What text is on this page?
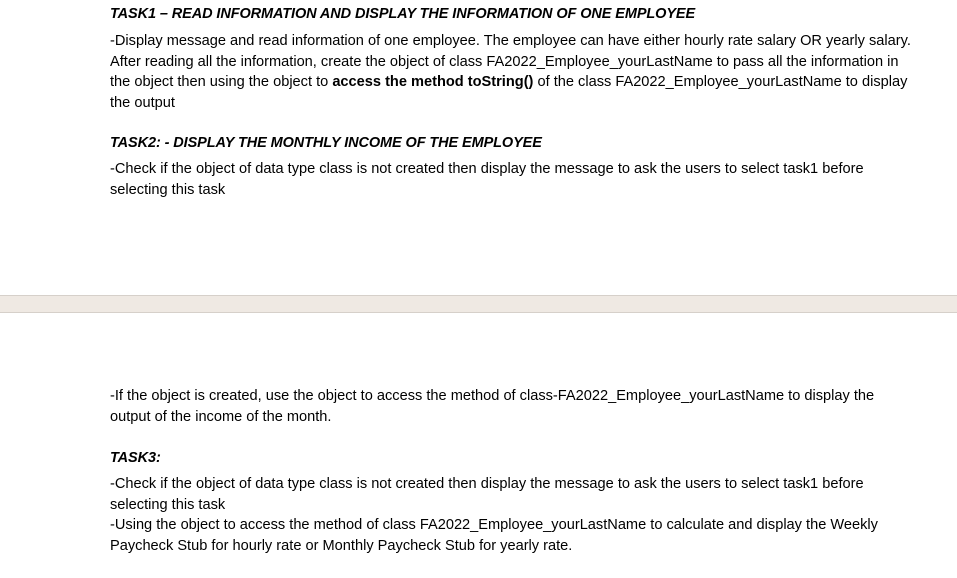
TASK1 – READ INFORMATION AND DISPLAY THE INFORMATION OF ONE EMPLOYEE
-Display message and read information of one employee. The employee can have either hourly rate salary OR yearly salary. After reading all the information, create the object of class FA2022_Employee_yourLastName to pass all the information in the object then using the object to access the method toString() of the class FA2022_Employee_yourLastName to display the output
TASK2: - DISPLAY THE MONTHLY INCOME OF THE EMPLOYEE
-Check if the object of data type class is not created then display the message to ask the users to select task1 before selecting this task
-If the object is created, use the object to access the method of class-FA2022_Employee_yourLastName to display the output of the income of the month.
TASK3:
-Check if the object of data type class is not created then display the message to ask the users to select task1 before selecting this task
-Using the object to access the method of class FA2022_Employee_yourLastName to calculate and display the Weekly Paycheck Stub for hourly rate or Monthly Paycheck Stub for yearly rate.
